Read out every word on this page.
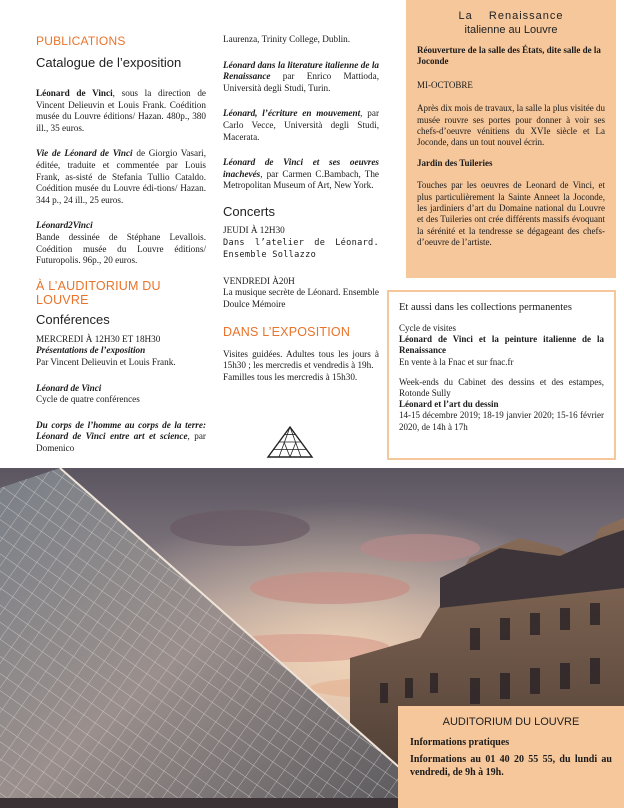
PUBLICATIONS
Catalogue de l’exposition

Léonard de Vinci, sous la direction de Vincent Delieuvin et Louis Frank. Coédition musée du Louvre éditions/ Hazan. 480p., 380 ill., 35 euros.

Vie de Léonard de Vinci de Giorgio Vasari, éditée, traduite et commentée par Louis Frank, as-sisté de Stefania Tullio Cataldo. Coédition musée du Louvre édi-tions/ Hazan. 344 p., 24 ill., 25 euros.

Léonard2Vinci
Bande dessinée de Stéphane Levallois. Coédition musée du Louvre éditions/ Futuropolis. 96p., 20 euros.

À L’AUDITORIUM DU LOUVRE
Conférences

MERCREDI À 12H30 ET 18H30
Présentations de l’exposition
Par Vincent Delieuvin et Louis Frank.

Léonard de Vinci
Cycle de quatre conférences

Du corps de l’homme au corps de la terre: Léonard de Vinci entre art et science, par Domenico

Laurenza, Trinity College, Dublin.

Léonard dans la literature italienne de la Renaissance par Enrico Mattioda, Università degli Studi, Turin.

Léonard, l’écriture en mouvement, par Carlo Vecce, Università degli Studi, Macerata.

Léonard de Vinci et ses oeuvres inachevés, par Carmen C.Bambach, The Metropolitan Museum of Art, New York.

Concerts

JEUDI À 12H30
Dans l’atelier de Léonard. Ensemble Sollazzo

VENDREDI À20H
La musique secrète de Léonard. Ensemble Doulce Mémoire

DANS L’EXPOSITION

Visites guidées. Adultes tous les jours à 15h30 ; les mercredis et vendredis à 19h.

Familles tous les mercredis à 15h30.

La    Renaissance
italienne au Louvre

Réouverture de la salle des États, dite salle de la Joconde

MI-OCTOBRE

Après dix mois de travaux, la salle la plus visitée du musée rouvre ses portes pour donner à voir ses chefs-d’oeuvre vénitiens du XVIe siècle et La Joconde, dans un tout nouvel écrin.

Jardin des Tuileries

Touches par les oeuvres de Leonard de Vinci, et plus particulièrement la Sainte Anneet la Joconde, les jardiniers d’art du Domaine national du Louvre et des Tuileries ont crée différents massifs évoquant la sérénité et la tendresse se dégageant des chefs-d’oeuvre de l’artiste.

Et aussi dans les collections permanentes

Cycle de visites
Léonard de Vinci et la peinture italienne de la Renaissance
En vente à la Fnac et sur fnac.fr

Week-ends du Cabinet des dessins et des estampes, Rotonde Sully
Léonard et l’art du dessin
14-15 décembre 2019; 18-19 janvier 2020; 15-16 février 2020, de 14h à 17h

AUDITORIUM DU LOUVRE

Informations pratiques

Informations au 01 40 20 55 55, du lundi au vendredi, de 9h à 19h.
